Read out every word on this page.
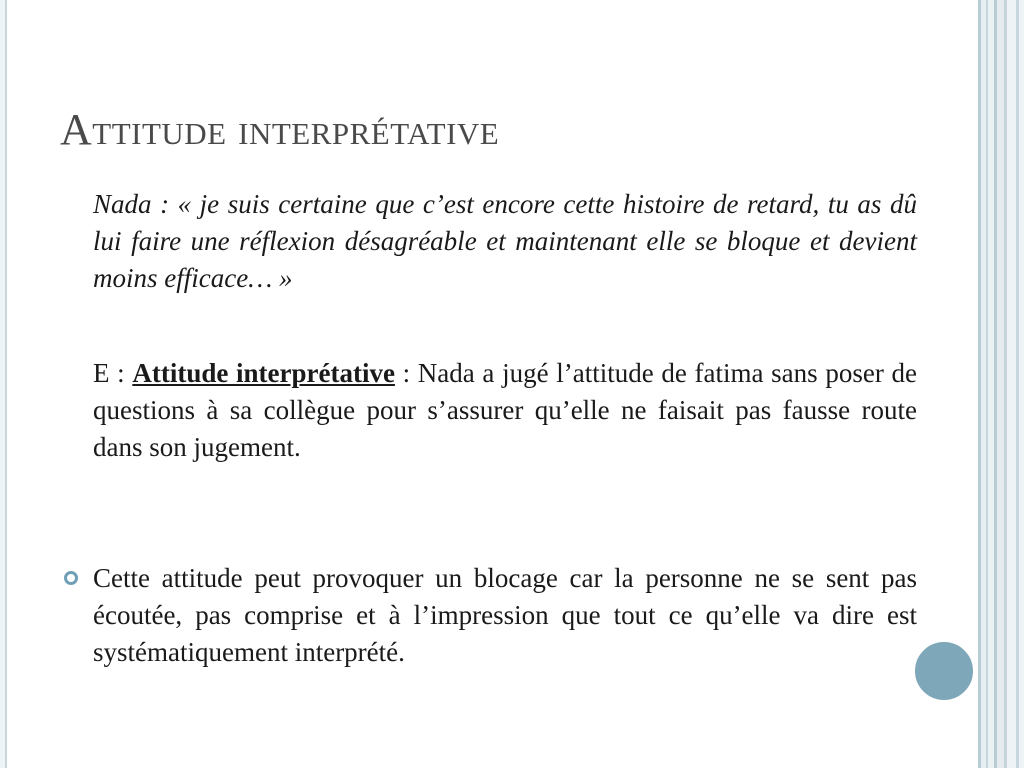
Attitude interprétative

Nada : « je suis certaine que c’est encore cette histoire de retard, tu as dû lui faire une réflexion désagréable et maintenant elle se bloque et devient moins efficace… »

E : Attitude interprétative : Nada a jugé l’attitude de fatima sans poser de questions à sa collègue pour s’assurer qu’elle ne faisait pas fausse route dans son jugement.

Cette attitude peut provoquer un blocage car la personne ne se sent pas écoutée, pas comprise et à l’impression que tout ce qu’elle va dire est systématiquement interprété.
